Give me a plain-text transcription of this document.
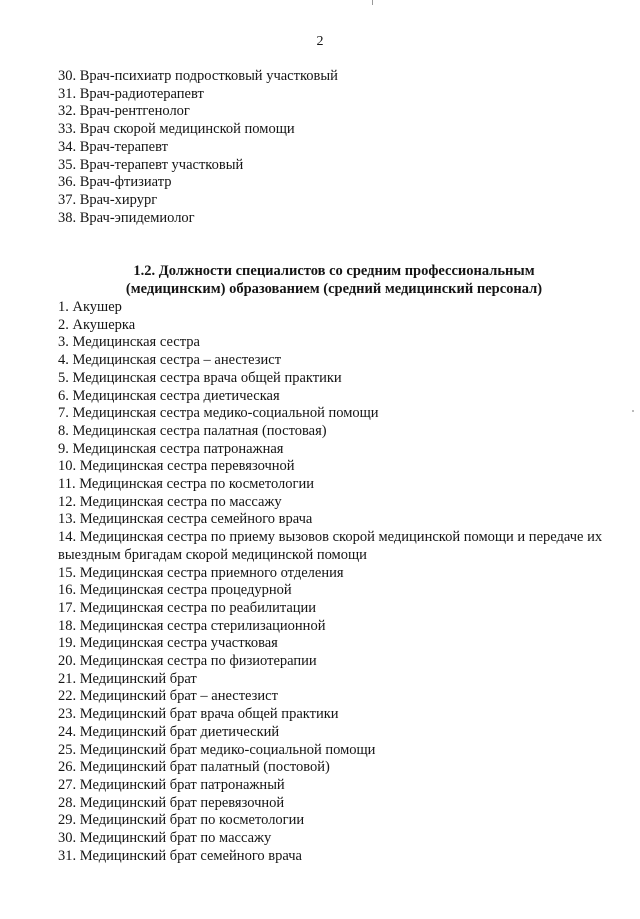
2
30. Врач-психиатр подростковый участковый
31. Врач-радиотерапевт
32. Врач-рентгенолог
33. Врач скорой медицинской помощи
34. Врач-терапевт
35. Врач-терапевт участковый
36. Врач-фтизиатр
37. Врач-хирург
38. Врач-эпидемиолог
1.2. Должности специалистов со средним профессиональным
(медицинским) образованием (средний медицинский персонал)
1. Акушер
2. Акушерка
3. Медицинская сестра
4. Медицинская сестра – анестезист
5. Медицинская сестра врача общей практики
6. Медицинская сестра диетическая
7. Медицинская сестра медико-социальной помощи
8. Медицинская сестра палатная (постовая)
9. Медицинская сестра патронажная
10. Медицинская сестра перевязочной
11. Медицинская сестра по косметологии
12. Медицинская сестра по массажу
13. Медицинская сестра семейного врача
14. Медицинская сестра по приему вызовов скорой медицинской помощи и передаче их выездным бригадам скорой медицинской помощи
15. Медицинская сестра приемного отделения
16. Медицинская сестра процедурной
17. Медицинская сестра по реабилитации
18. Медицинская сестра стерилизационной
19. Медицинская сестра участковая
20. Медицинская сестра по физиотерапии
21. Медицинский брат
22. Медицинский брат – анестезист
23. Медицинский брат врача общей практики
24. Медицинский брат диетический
25. Медицинский брат медико-социальной помощи
26. Медицинский брат палатный (постовой)
27. Медицинский брат патронажный
28. Медицинский брат перевязочной
29. Медицинский брат по косметологии
30. Медицинский брат по массажу
31. Медицинский брат семейного врача
